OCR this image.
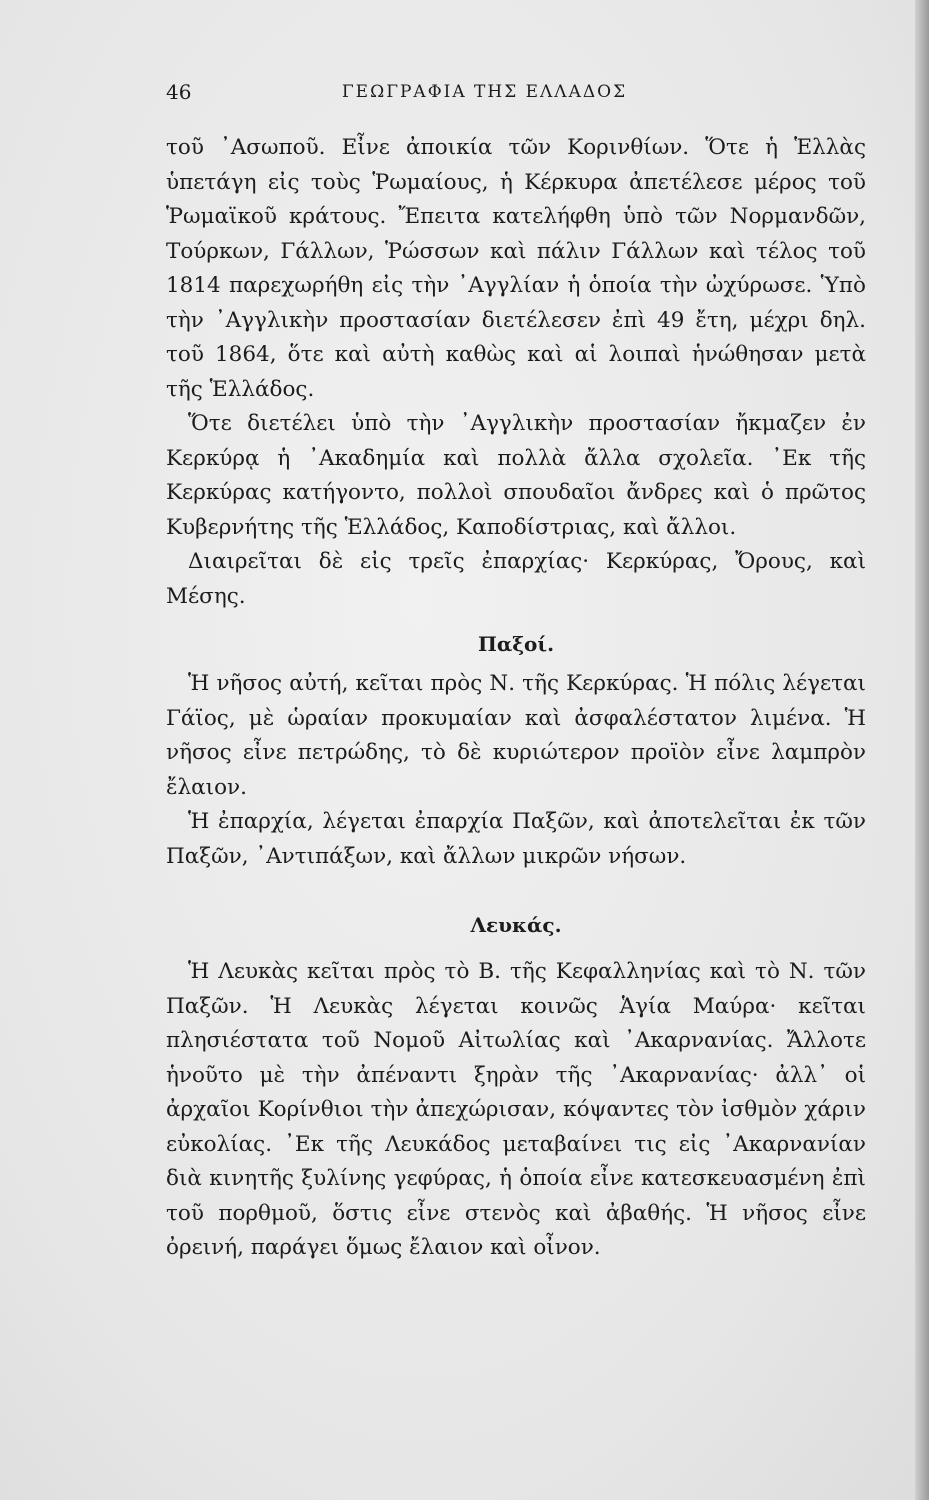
46	ΓΕΩΓΡΑΦΙΑ ΤΗΣ ΕΛΛΑΔΟΣ

τοῦ ᾿Ασωποῦ. Εἶνε ἀποικία τῶν Κορινθίων. Ὅτε ἡ Ἑλλὰς ὑπετάγη εἰς τοὺς Ῥωμαίους, ἡ Κέρκυρα ἀπετέλεσε μέρος τοῦ Ῥωμαϊκοῦ κράτους. Ἔπειτα κατελήφθη ὑπὸ τῶν Νορμανδῶν, Τούρκων, Γάλλων, Ῥώσσων καὶ πάλιν Γάλλων καὶ τέλος τοῦ 1814 παρεχωρήθη εἰς τὴν ᾿Αγγλίαν ἡ ὁποία τὴν ὠχύρωσε. Ὑπὸ τὴν ᾿Αγγλικὴν προστασίαν διετέλεσεν ἐπὶ 49 ἔτη, μέχρι δηλ. τοῦ 1864, ὅτε καὶ αὐτὴ καθὼς καὶ αἱ λοιπαὶ ἡνώθησαν μετὰ τῆς Ἑλλάδος.

Ὅτε διετέλει ὑπὸ τὴν ᾿Αγγλικὴν προστασίαν ἤκμαζεν ἐν Κερκύρᾳ ἡ ᾿Ακαδημία καὶ πολλὰ ἄλλα σχολεῖα. ᾿Εκ τῆς Κερκύρας κατήγοντο, πολλοὶ σπουδαῖοι ἄνδρες καὶ ὁ πρῶτος Κυβερνήτης τῆς Ἑλλάδος, Καποδίστριας, καὶ ἄλλοι.

Διαιρεῖται δὲ εἰς τρεῖς ἐπαρχίας· Κερκύρας, Ὄρους, καὶ Μέσης.

Παξοί.

Ἡ νῆσος αὐτή, κεῖται πρὸς Ν. τῆς Κερκύρας. Ἡ πόλις λέγεται Γάϊος, μὲ ὡραίαν προκυμαίαν καὶ ἀσφαλέστατον λιμένα. Ἡ νῆσος εἶνε πετρώδης, τὸ δὲ κυριώτερον προϊὸν εἶνε λαμπρὸν ἔλαιον.

Ἡ ἐπαρχία, λέγεται ἐπαρχία Παξῶν, καὶ ἀποτελεῖται ἐκ τῶν Παξῶν, ᾿Αντιπάξων, καὶ ἄλλων μικρῶν νήσων.

Λευκάς.

Ἡ Λευκὰς κεῖται πρὸς τὸ Β. τῆς Κεφαλληνίας καὶ τὸ Ν. τῶν Παξῶν. Ἡ Λευκὰς λέγεται κοινῶς Ἁγία Μαύρα· κεῖται πλησιέστατα τοῦ Νομοῦ Αἰτωλίας καὶ ᾿Ακαρνανίας. Ἄλλοτε ἡνοῦτο μὲ τὴν ἀπέναντι ξηρὰν τῆς ᾿Ακαρνανίας· ἀλλ᾿ οἱ ἀρχαῖοι Κορίνθιοι τὴν ἀπεχώρισαν, κόψαντες τὸν ἰσθμὸν χάριν εὐκολίας. ᾿Εκ τῆς Λευκάδος μεταβαίνει τις εἰς ᾿Ακαρνανίαν διὰ κινητῆς ξυλίνης γεφύρας, ἡ ὁποία εἶνε κατεσκευασμένη ἐπὶ τοῦ πορθμοῦ, ὅστις εἶνε στενὸς καὶ ἀβαθής. Ἡ νῆσος εἶνε ὀρεινή, παράγει ὅμως ἔλαιον καὶ οἶνον.
